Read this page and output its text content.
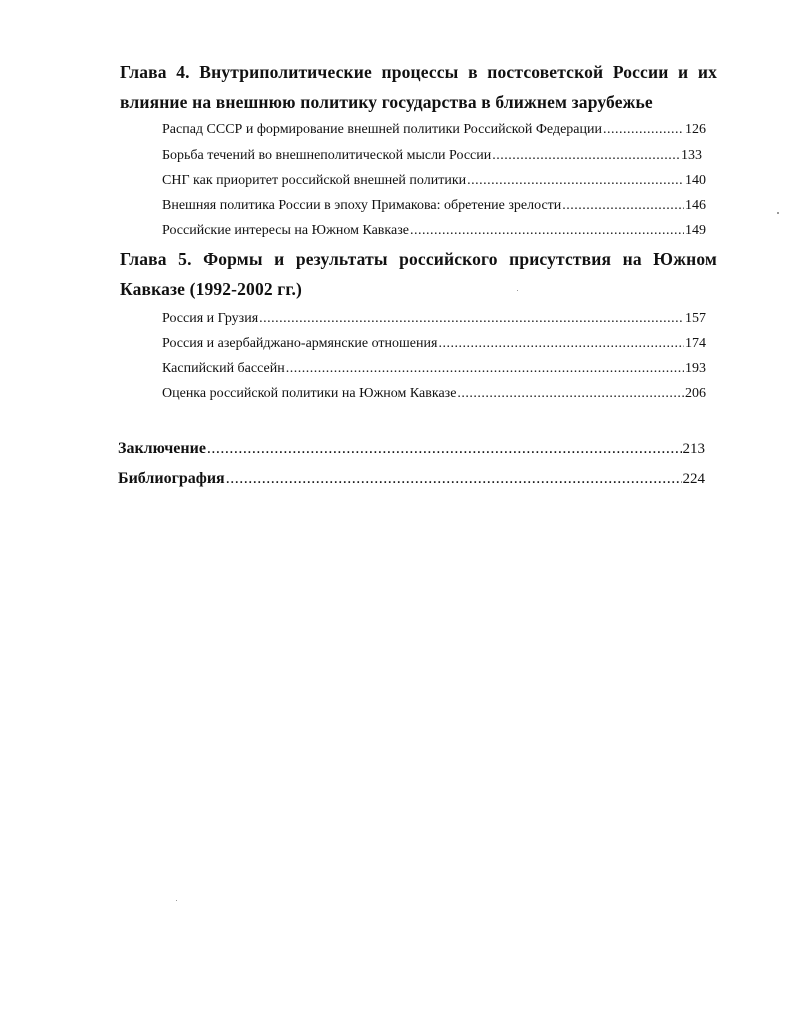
Глава 4. Внутриполитические процессы в постсоветской России и их влияние на внешнюю политику государства в ближнем зарубежье
Распад СССР и формирование внешней политики Российской Федерации .....	126
Борьба течений во внешнеполитической мысли России .....	133
СНГ как приоритет российской внешней политики .....	140
Внешняя политика России в эпоху Примакова: обретение зрелости .....	146
Российские интересы на Южном Кавказе .....	149
Глава 5. Формы и результаты российского присутствия на Южном Кавказе (1992-2002 гг.)
Россия и Грузия .....	157
Россия и азербайджано-армянские отношения .....	174
Каспийский бассейн .....	193
Оценка российской политики на Южном Кавказе .....	206
Заключение .....	213
Библиография .....	224
